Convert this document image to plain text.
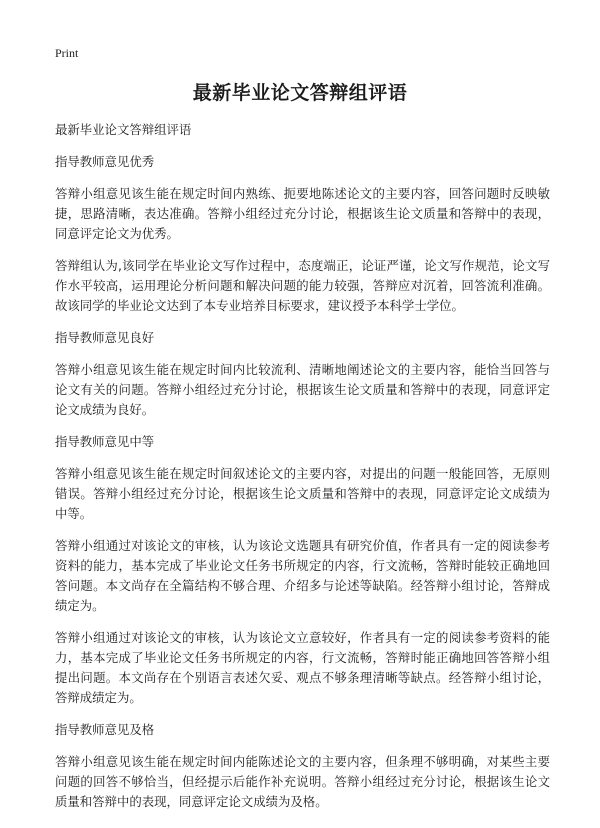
Print
最新毕业论文答辩组评语

最新毕业论文答辩组评语

指导教师意见优秀

答辩小组意见该生能在规定时间内熟练、扼要地陈述论文的主要内容，回答问题时反映敏捷，思路清晰，表达准确。答辩小组经过充分讨论，根据该生论文质量和答辩中的表现，同意评定论文为优秀。

答辩组认为,该同学在毕业论文写作过程中，态度端正，论证严谨，论文写作规范，论文写作水平较高，运用理论分析问题和解决问题的能力较强，答辩应对沉着，回答流利准确。故该同学的毕业论文达到了本专业培养目标要求，建议授予本科学士学位。

指导教师意见良好

答辩小组意见该生能在规定时间内比较流利、清晰地阐述论文的主要内容，能恰当回答与论文有关的问题。答辩小组经过充分讨论，根据该生论文质量和答辩中的表现，同意评定论文成绩为良好。

指导教师意见中等

答辩小组意见该生能在规定时间叙述论文的主要内容，对提出的问题一般能回答，无原则错误。答辩小组经过充分讨论，根据该生论文质量和答辩中的表现，同意评定论文成绩为中等。

答辩小组通过对该论文的审核，认为该论文选题具有研究价值，作者具有一定的阅读参考资料的能力，基本完成了毕业论文任务书所规定的内容，行文流畅，答辩时能较正确地回答问题。本文尚存在全篇结构不够合理、介绍多与论述等缺陷。经答辩小组讨论，答辩成绩定为。

答辩小组通过对该论文的审核，认为该论文立意较好，作者具有一定的阅读参考资料的能力，基本完成了毕业论文任务书所规定的内容，行文流畅，答辩时能正确地回答答辩小组提出问题。本文尚存在个别语言表述欠妥、观点不够条理清晰等缺点。经答辩小组讨论，答辩成绩定为。

指导教师意见及格

答辩小组意见该生能在规定时间内能陈述论文的主要内容，但条理不够明确，对某些主要问题的回答不够恰当，但经提示后能作补充说明。答辩小组经过充分讨论，根据该生论文质量和答辩中的表现，同意评定论文成绩为及格。
